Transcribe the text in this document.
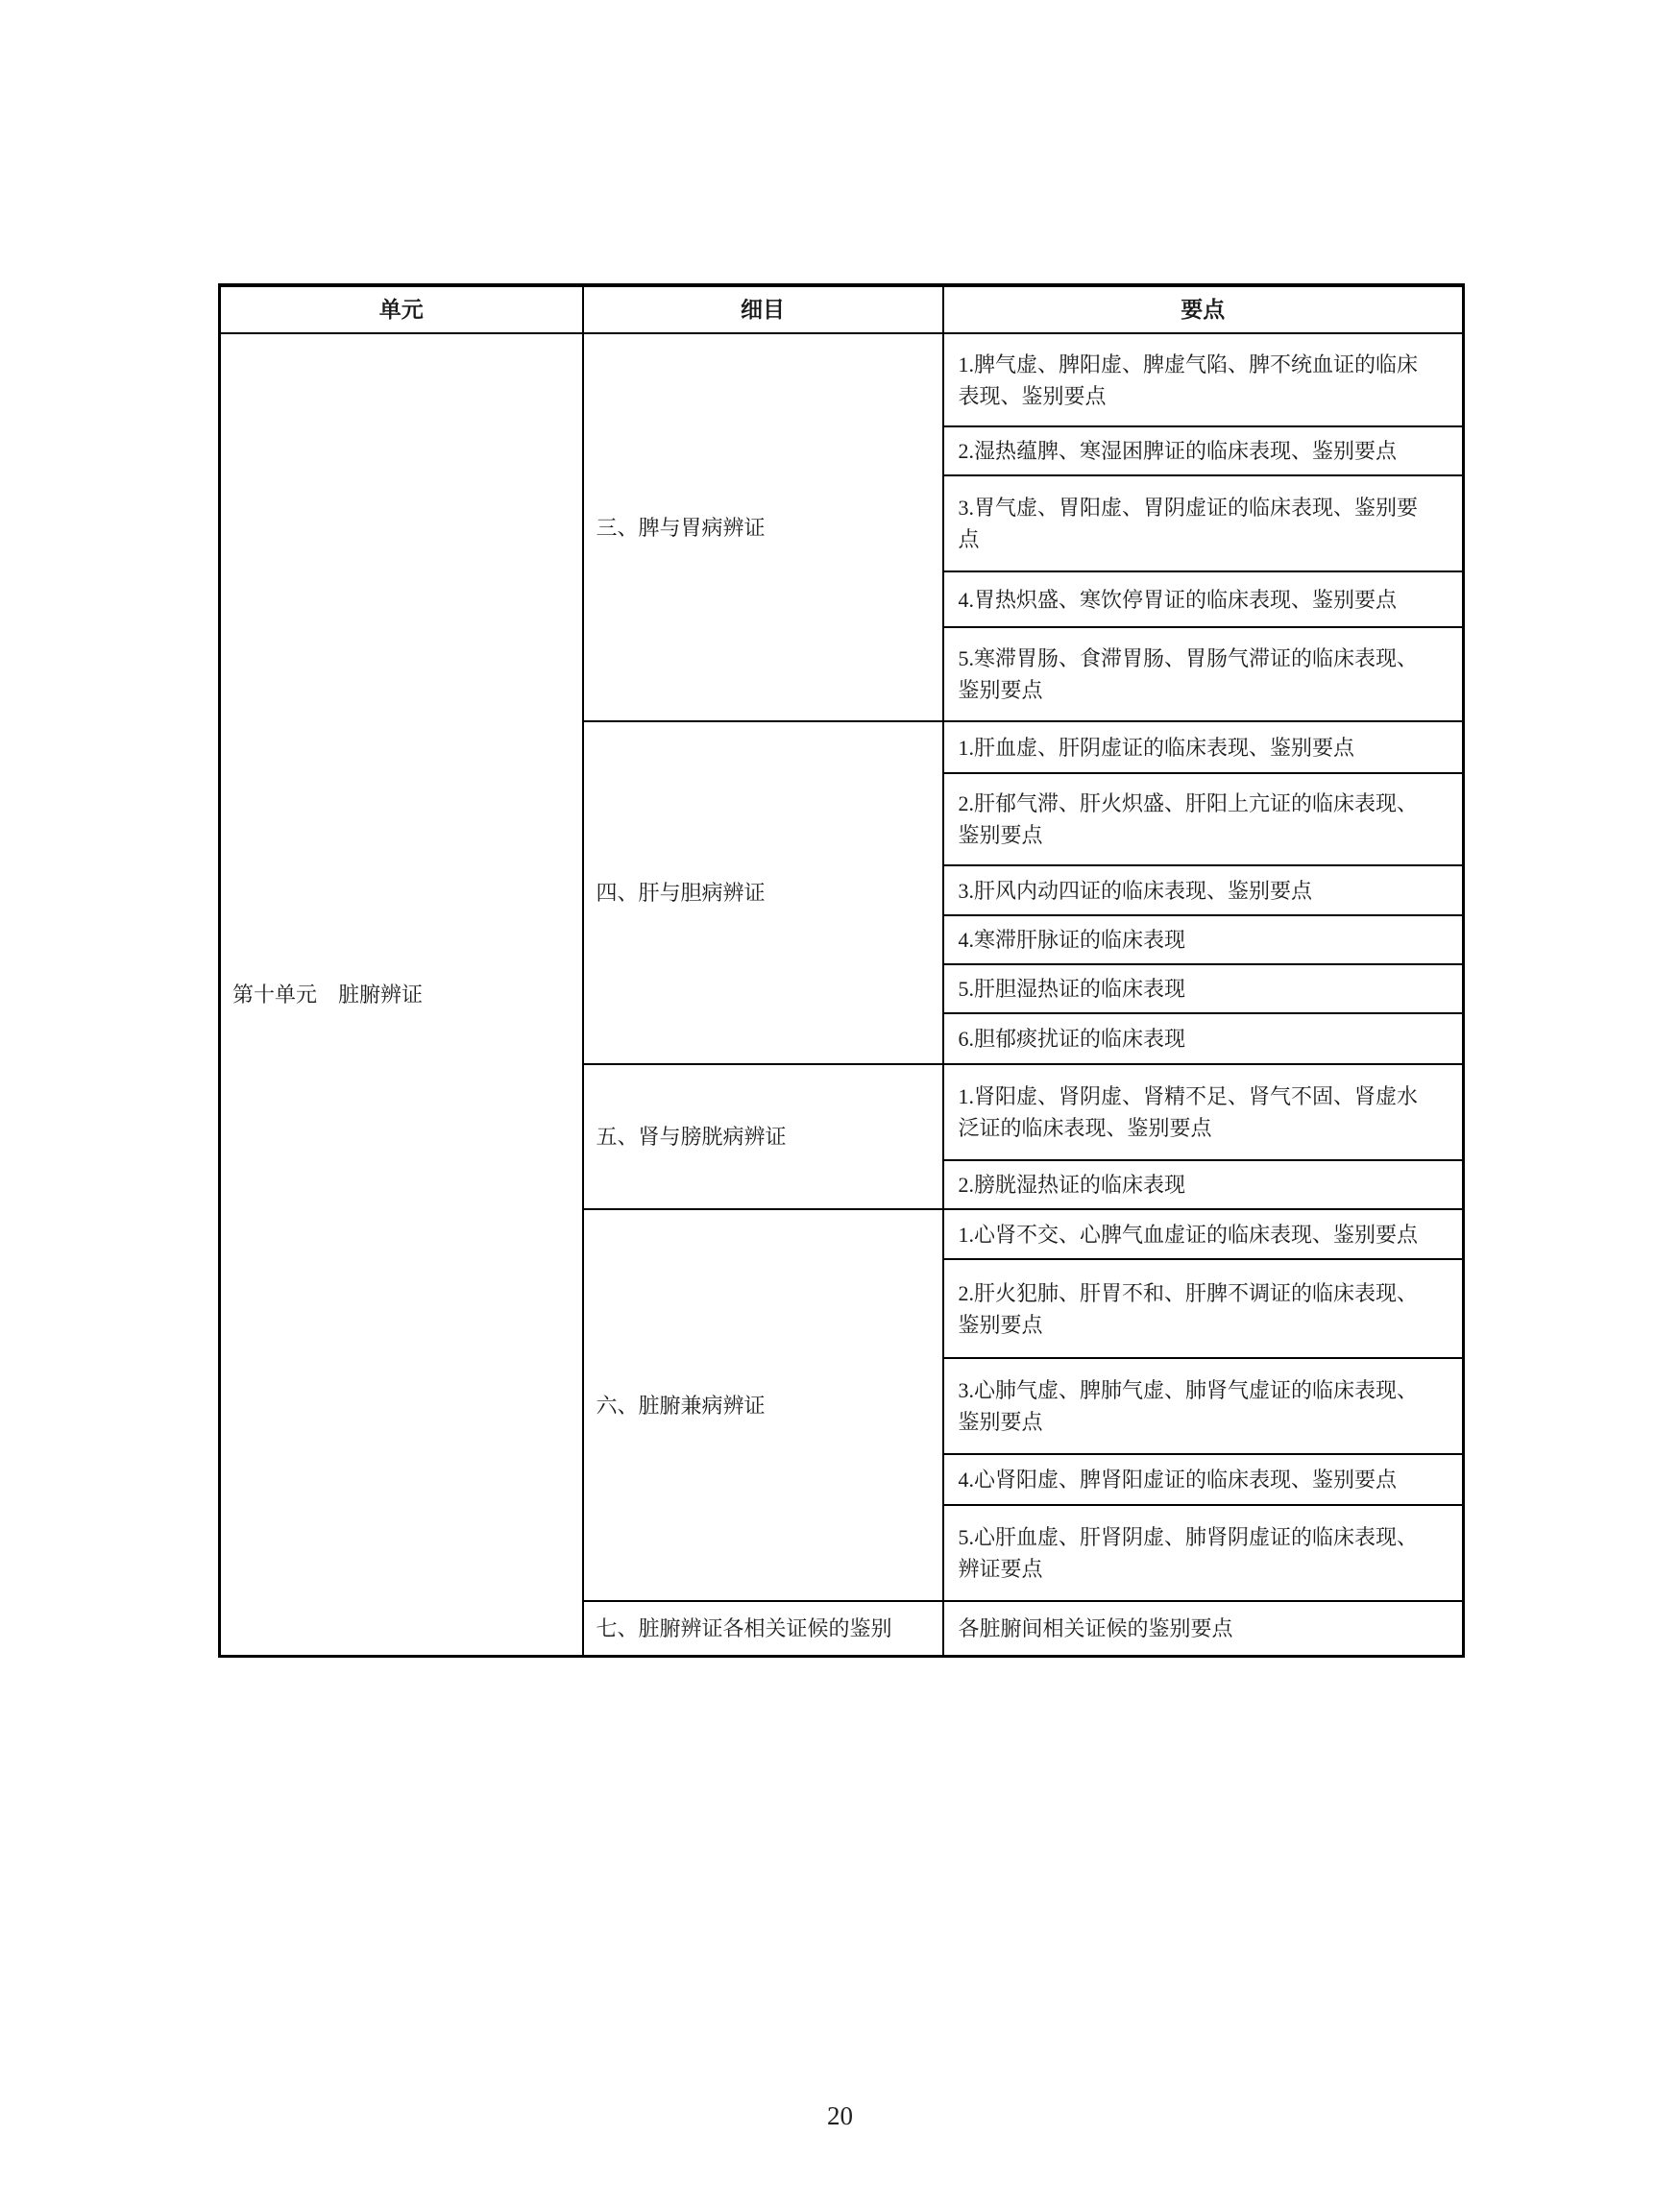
单元	细目	要点
第十单元　脏腑辨证	三、脾与胃病辨证	1.脾气虚、脾阳虚、脾虚气陷、脾不统血证的临床表现、鉴别要点
		2.湿热蕴脾、寒湿困脾证的临床表现、鉴别要点
		3.胃气虚、胃阳虚、胃阴虚证的临床表现、鉴别要点
		4.胃热炽盛、寒饮停胃证的临床表现、鉴别要点
		5.寒滞胃肠、食滞胃肠、胃肠气滞证的临床表现、鉴别要点
	四、肝与胆病辨证	1.肝血虚、肝阴虚证的临床表现、鉴别要点
		2.肝郁气滞、肝火炽盛、肝阳上亢证的临床表现、鉴别要点
		3.肝风内动四证的临床表现、鉴别要点
		4.寒滞肝脉证的临床表现
		5.肝胆湿热证的临床表现
		6.胆郁痰扰证的临床表现
	五、肾与膀胱病辨证	1.肾阳虚、肾阴虚、肾精不足、肾气不固、肾虚水泛证的临床表现、鉴别要点
		2.膀胱湿热证的临床表现
	六、脏腑兼病辨证	1.心肾不交、心脾气血虚证的临床表现、鉴别要点
		2.肝火犯肺、肝胃不和、肝脾不调证的临床表现、鉴别要点
		3.心肺气虚、脾肺气虚、肺肾气虚证的临床表现、鉴别要点
		4.心肾阳虚、脾肾阳虚证的临床表现、鉴别要点
		5.心肝血虚、肝肾阴虚、肺肾阴虚证的临床表现、辨证要点
	七、脏腑辨证各相关证候的鉴别	各脏腑间相关证候的鉴别要点
20
